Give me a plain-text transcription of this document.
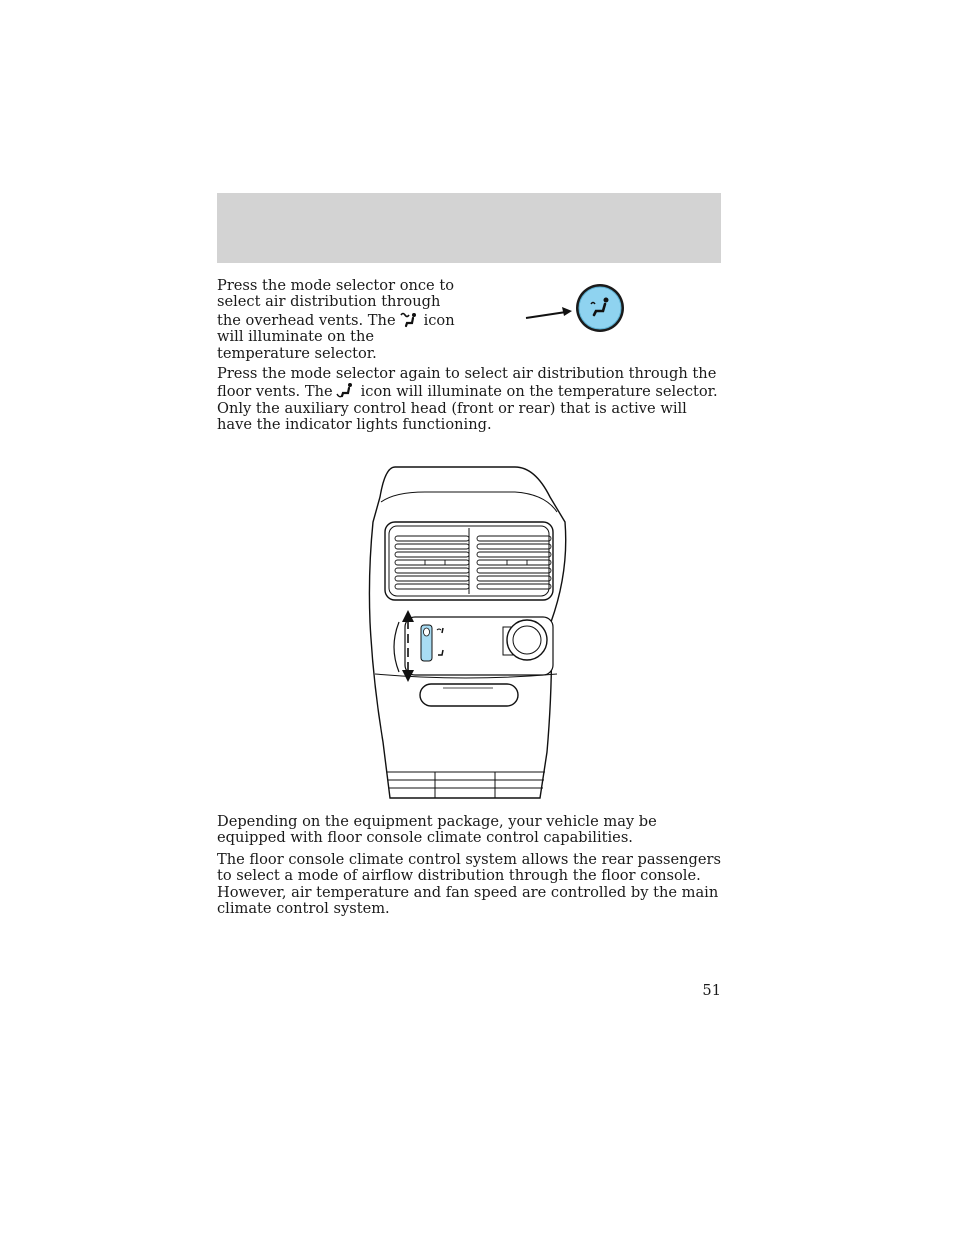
Press the mode selector once to select air distribution through the overhead vents. The icon will illuminate on the temperature selector.

Press the mode selector again to select air distribution through the floor vents. The icon will illuminate on the temperature selector. Only the auxiliary control head (front or rear) that is active will have the indicator lights functioning.

Depending on the equipment package, your vehicle may be equipped with floor console climate control capabilities.

The floor console climate control system allows the rear passengers to select a mode of airflow distribution through the floor console. However, air temperature and fan speed are controlled by the main climate control system.

51
